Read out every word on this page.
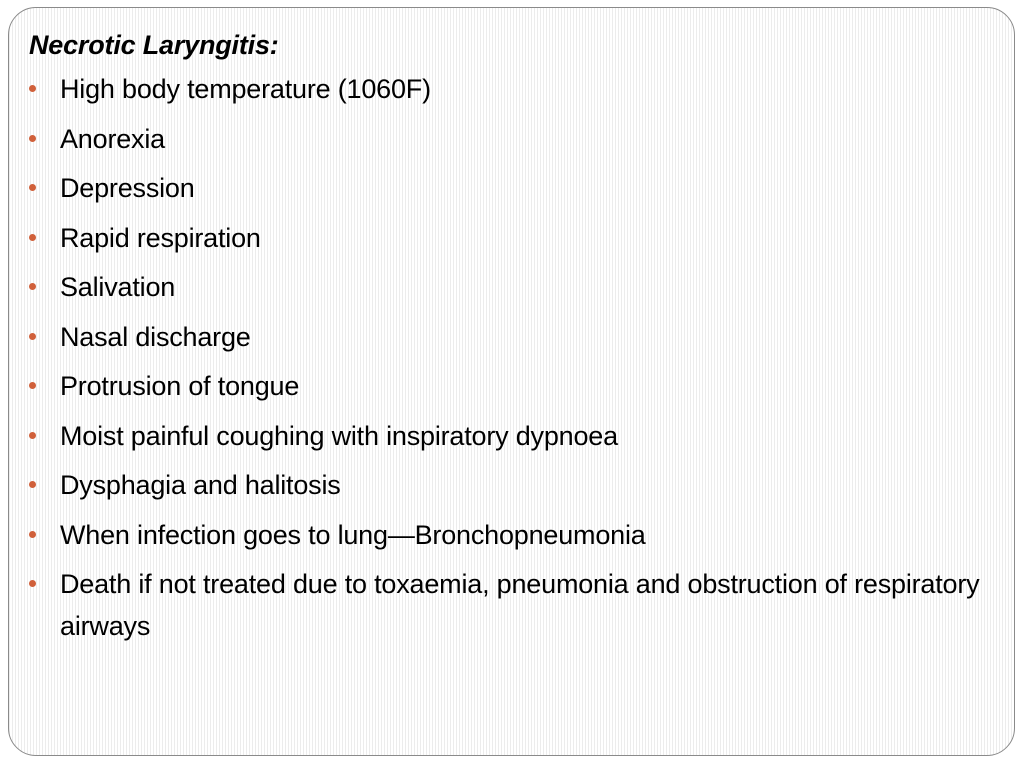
Necrotic Laryngitis:
High body temperature (1060F)
Anorexia
Depression
Rapid respiration
Salivation
Nasal discharge
Protrusion of tongue
Moist painful coughing with inspiratory dypnoea
Dysphagia and halitosis
When infection goes to lung—Bronchopneumonia
Death if not treated due to toxaemia, pneumonia and obstruction of respiratory airways
